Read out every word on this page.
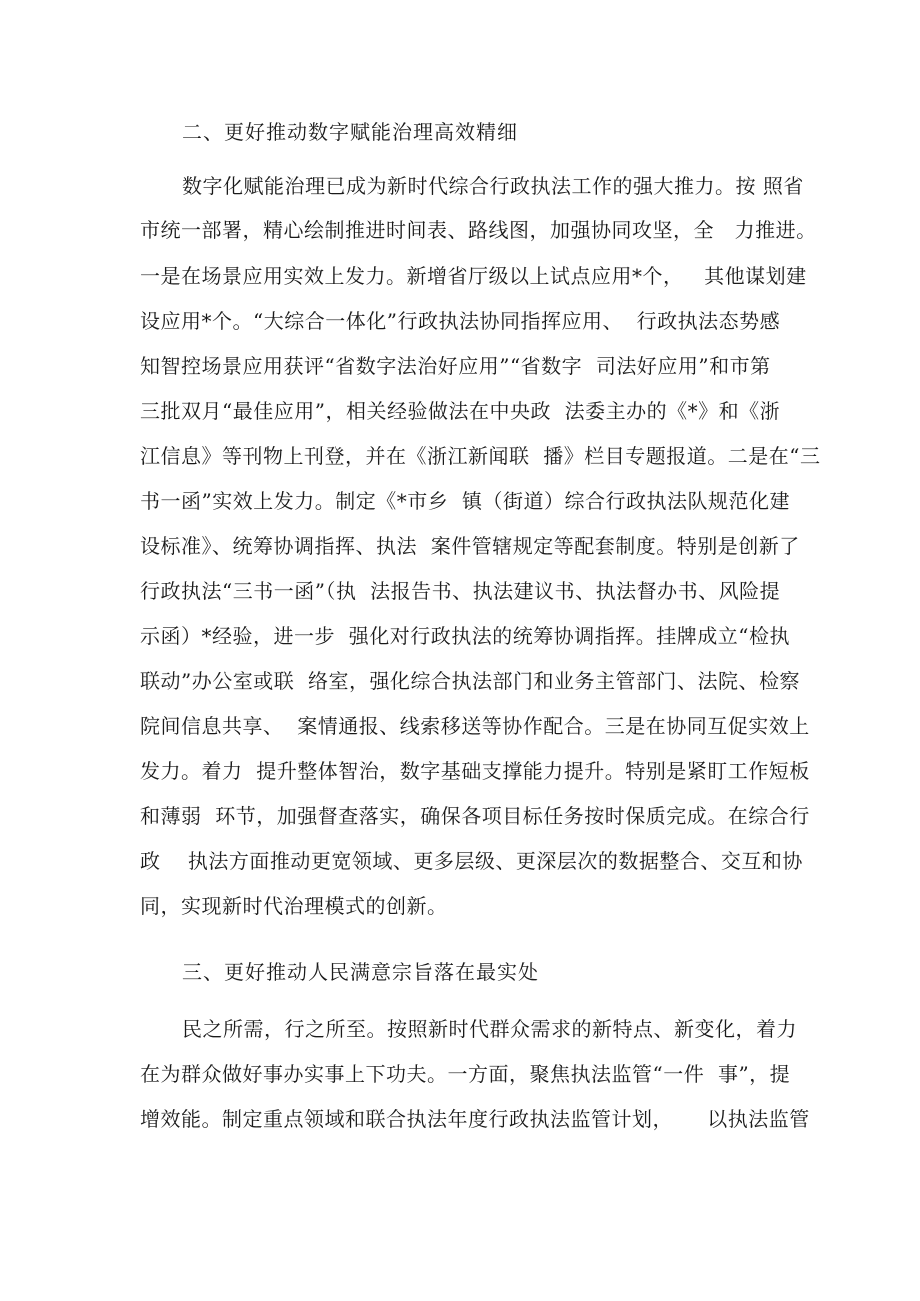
二、更好推动数字赋能治理高效精细
数字化赋能治理已成为新时代综合行政执法工作的强大推力。按 照省
市统一部署，精心绘制推进时间表、路线图，加强协同攻坚，全   力推进。
一是在场景应用实效上发力。新增省厅级以上试点应用*个，   其他谋划建
设应用*个。“大综合一体化”行政执法协同指挥应用、  行政执法态势感
知智控场景应用获评“省数字法治好应用”“省数字  司法好应用”和市第
三批双月“最佳应用”，相关经验做法在中央政  法委主办的《*》和《浙
江信息》等刊物上刊登，并在《浙江新闻联  播》栏目专题报道。二是在“三
书一函”实效上发力。制定《*市乡  镇（街道）综合行政执法队规范化建
设标准》、统筹协调指挥、执法  案件管辖规定等配套制度。特别是创新了
行政执法“三书一函”（执  法报告书、执法建议书、执法督办书、风险提
示函）*经验，进一步  强化对行政执法的统筹协调指挥。挂牌成立“检执
联动”办公室或联  络室，强化综合执法部门和业务主管部门、法院、检察
院间信息共享、  案情通报、线索移送等协作配合。三是在协同互促实效上
发力。着力  提升整体智治，数字基础支撑能力提升。特别是紧盯工作短板
和薄弱  环节，加强督查落实，确保各项目标任务按时保质完成。在综合行
政    执法方面推动更宽领域、更多层级、更深层次的数据整合、交互和协
同，实现新时代治理模式的创新。
三、更好推动人民满意宗旨落在最实处
民之所需，行之所至。按照新时代群众需求的新特点、新变化，着力
在为群众做好事办实事上下功夫。一方面，聚焦执法监管“一件  事”，提
增效能。制定重点领域和联合执法年度行政执法监管计划，     以执法监管
